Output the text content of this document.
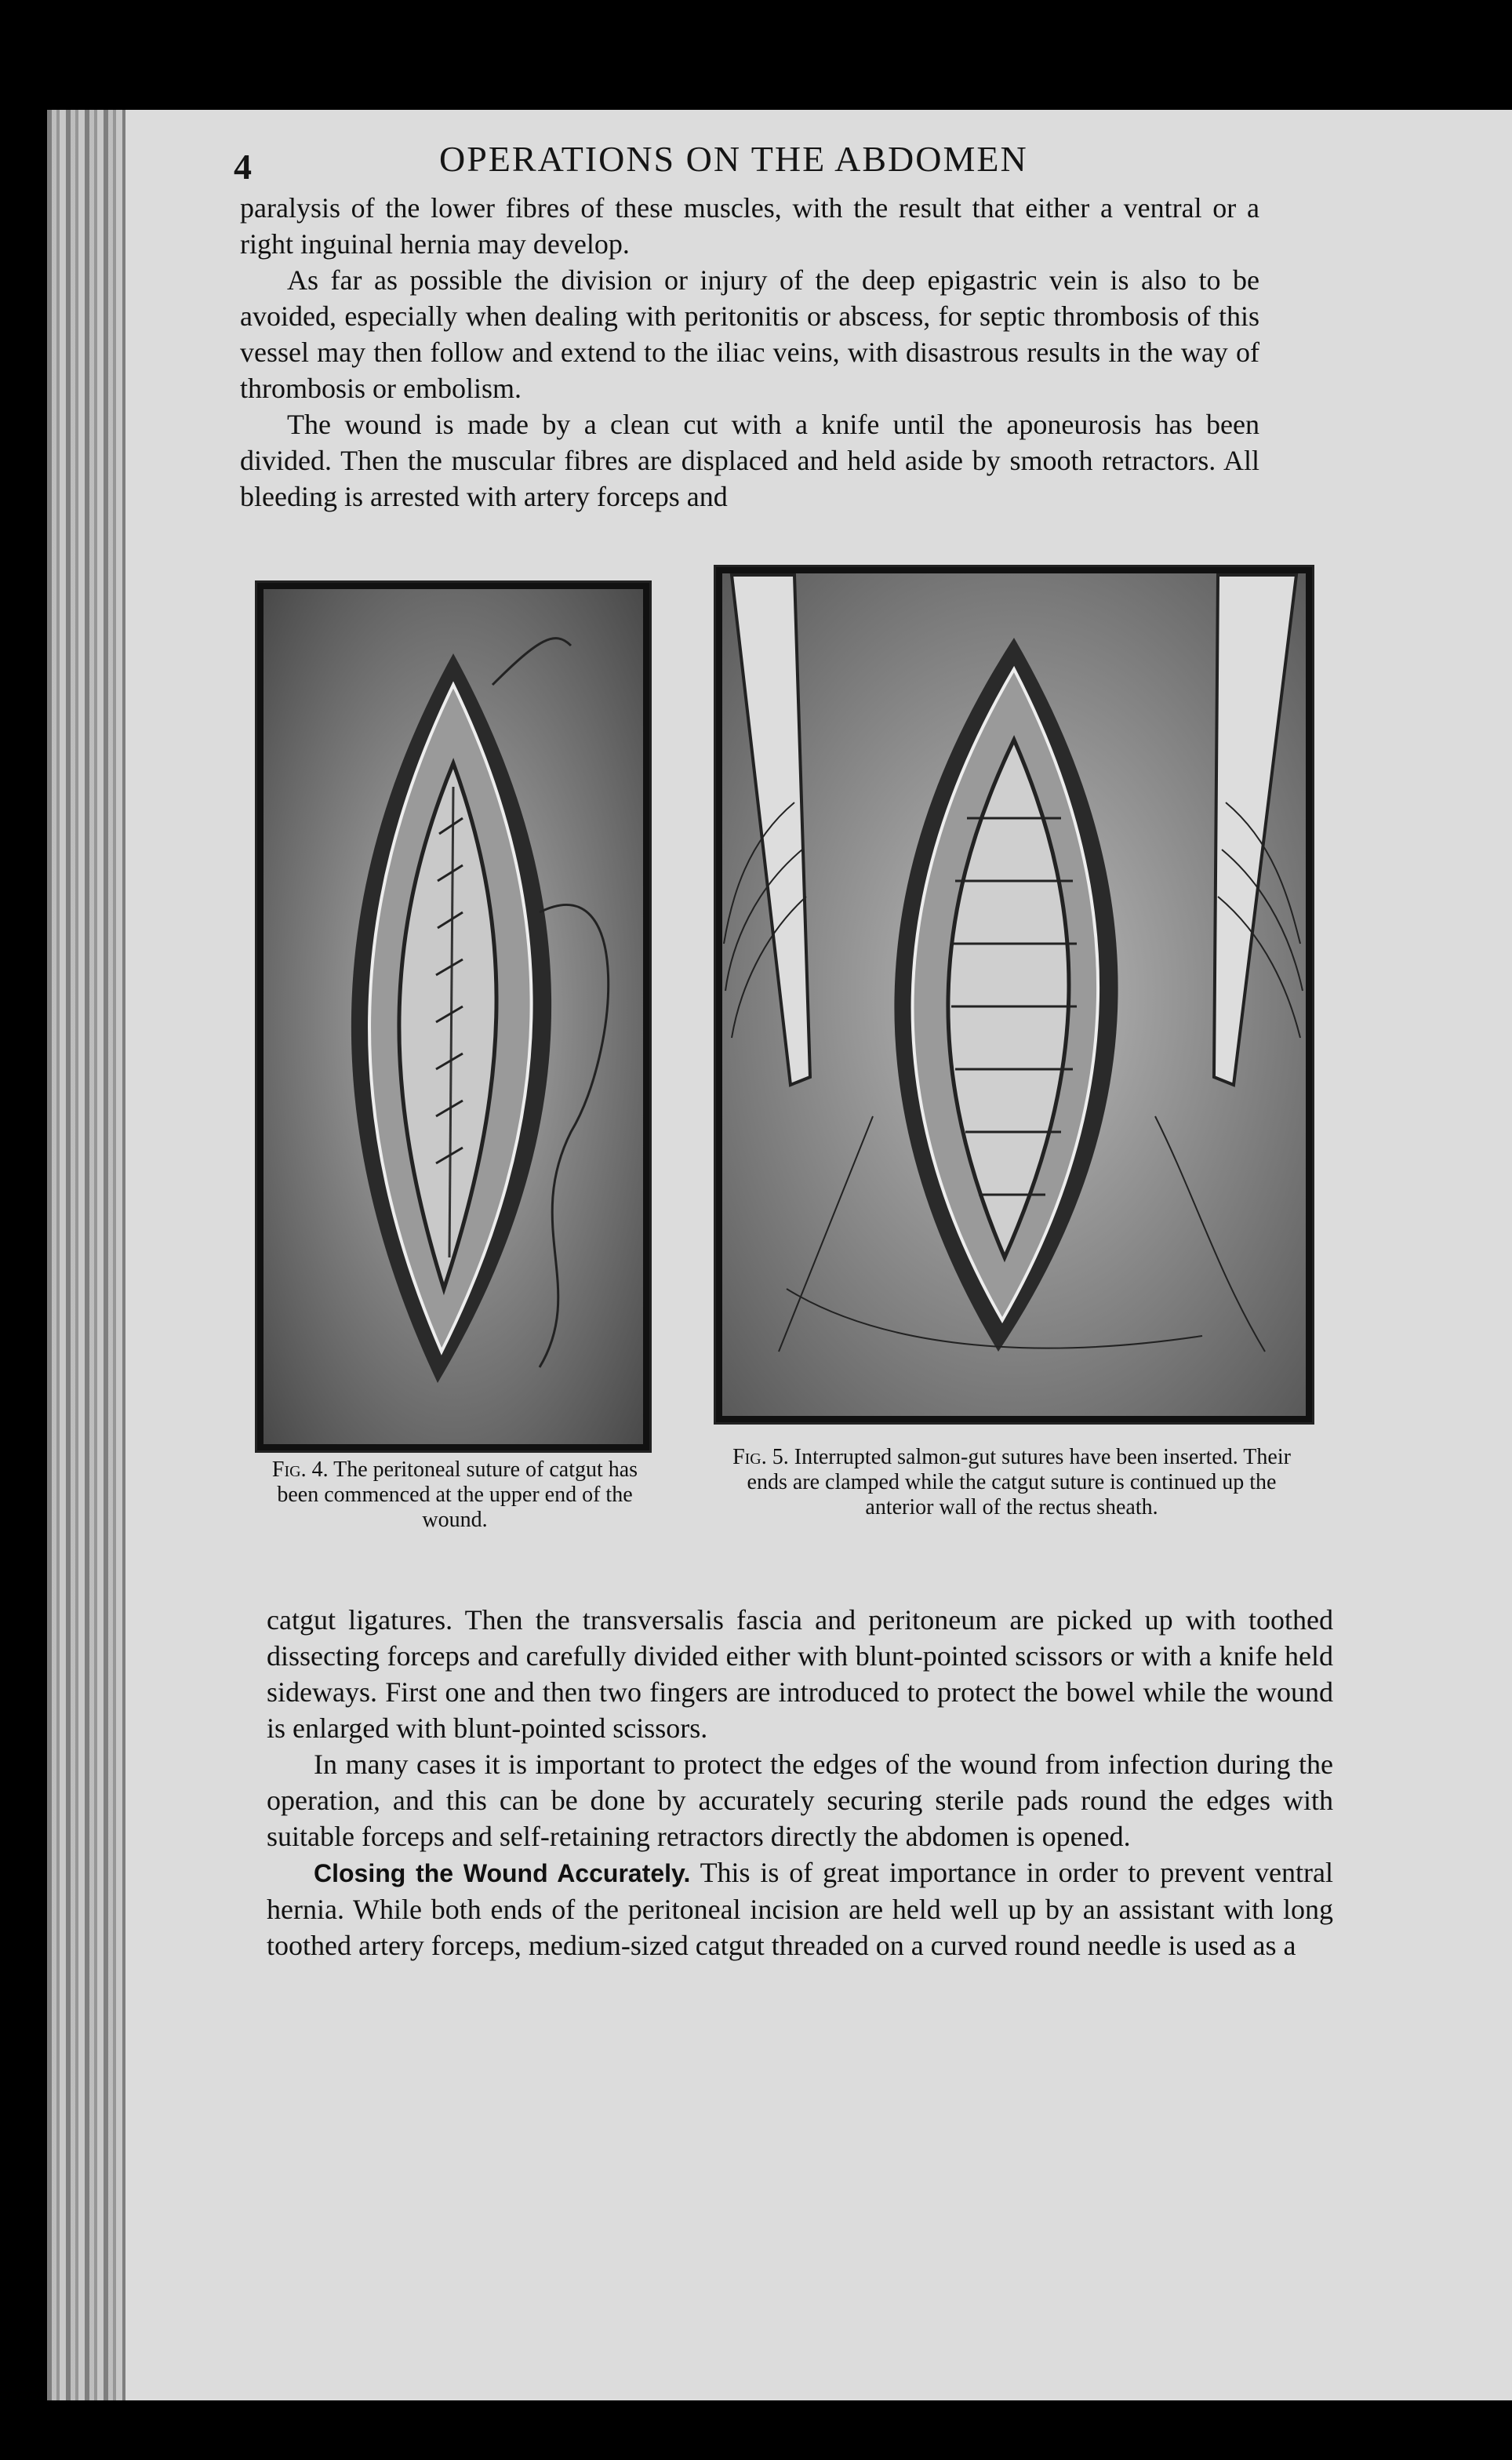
4	OPERATIONS ON THE ABDOMEN

paralysis of the lower fibres of these muscles, with the result that either a ventral or a right inguinal hernia may develop.

As far as possible the division or injury of the deep epigastric vein is also to be avoided, especially when dealing with peritonitis or abscess, for septic thrombosis of this vessel may then follow and extend to the iliac veins, with disastrous results in the way of thrombosis or embolism.

The wound is made by a clean cut with a knife until the aponeurosis has been divided. Then the muscular fibres are displaced and held aside by smooth retractors. All bleeding is arrested with artery forceps and

Fig. 4. The peritoneal suture of catgut has been commenced at the upper end of the wound.
Fig. 5. Interrupted salmon-gut sutures have been inserted. Their ends are clamped while the catgut suture is continued up the anterior wall of the rectus sheath.

catgut ligatures. Then the transversalis fascia and peritoneum are picked up with toothed dissecting forceps and carefully divided either with blunt-pointed scissors or with a knife held sideways. First one and then two fingers are introduced to protect the bowel while the wound is enlarged with blunt-pointed scissors.

In many cases it is important to protect the edges of the wound from infection during the operation, and this can be done by accurately securing sterile pads round the edges with suitable forceps and self-retaining retractors directly the abdomen is opened.

Closing the Wound Accurately. This is of great importance in order to prevent ventral hernia. While both ends of the peritoneal incision are held well up by an assistant with long toothed artery forceps, medium-sized catgut threaded on a curved round needle is used as a
